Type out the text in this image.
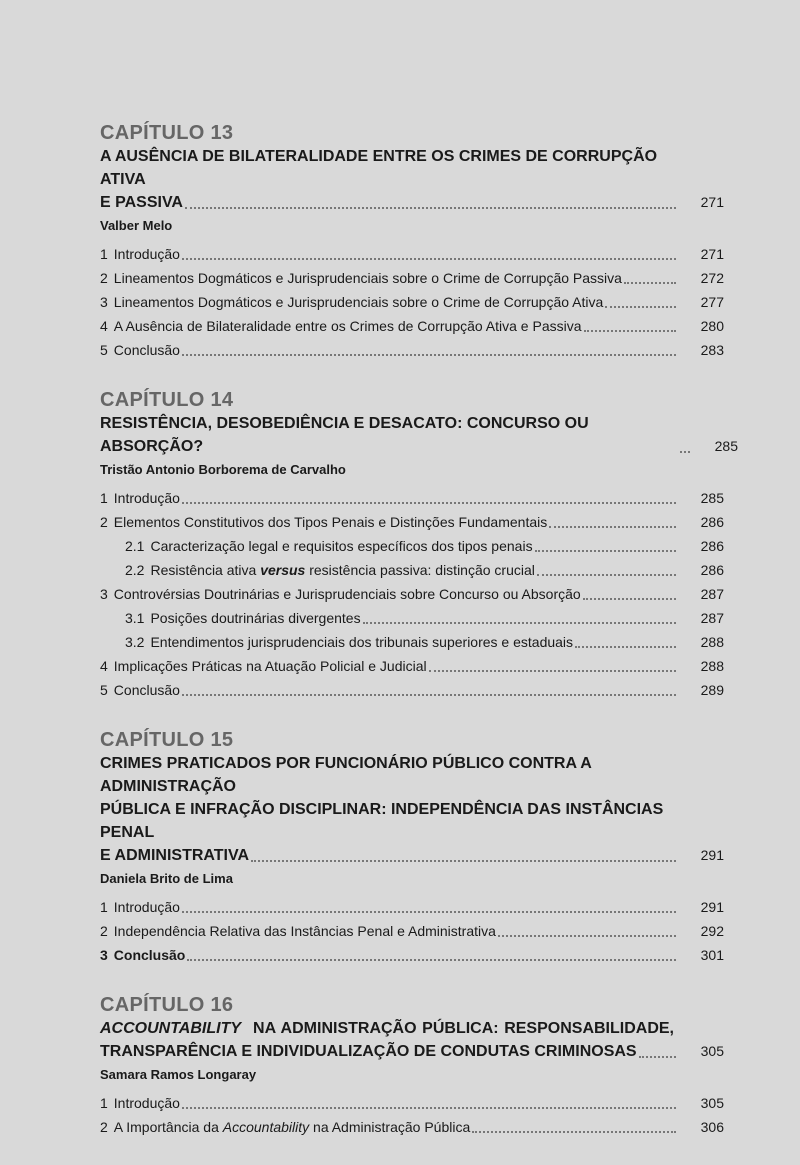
CAPÍTULO 13
A AUSÊNCIA DE BILATERALIDADE ENTRE OS CRIMES DE CORRUPÇÃO ATIVA
E PASSIVA	271
Valber Melo
1 Introdução	271
2 Lineamentos Dogmáticos e Jurisprudenciais sobre o Crime de Corrupção Passiva	272
3 Lineamentos Dogmáticos e Jurisprudenciais sobre o Crime de Corrupção Ativa	277
4 A Ausência de Bilateralidade entre os Crimes de Corrupção Ativa e Passiva	280
5 Conclusão	283
CAPÍTULO 14
RESISTÊNCIA, DESOBEDIÊNCIA E DESACATO: CONCURSO OU ABSORÇÃO?	285
Tristão Antonio Borborema de Carvalho
1 Introdução	285
2 Elementos Constitutivos dos Tipos Penais e Distinções Fundamentais	286
2.1 Caracterização legal e requisitos específicos dos tipos penais	286
2.2 Resistência ativa versus resistência passiva: distinção crucial	286
3 Controvérsias Doutrinárias e Jurisprudenciais sobre Concurso ou Absorção	287
3.1 Posições doutrinárias divergentes	287
3.2 Entendimentos jurisprudenciais dos tribunais superiores e estaduais	288
4 Implicações Práticas na Atuação Policial e Judicial	288
5 Conclusão	289
CAPÍTULO 15
CRIMES PRATICADOS POR FUNCIONÁRIO PÚBLICO CONTRA A ADMINISTRAÇÃO
PÚBLICA E INFRAÇÃO DISCIPLINAR: INDEPENDÊNCIA DAS INSTÂNCIAS PENAL
E ADMINISTRATIVA	291
Daniela Brito de Lima
1 Introdução	291
2 Independência Relativa das Instâncias Penal e Administrativa	292
3 Conclusão	301
CAPÍTULO 16
ACCOUNTABILITY NA ADMINISTRAÇÃO PÚBLICA: RESPONSABILIDADE,
TRANSPARÊNCIA E INDIVIDUALIZAÇÃO DE CONDUTAS CRIMINOSAS	305
Samara Ramos Longaray
1 Introdução	305
2 A Importância da Accountability na Administração Pública	306
